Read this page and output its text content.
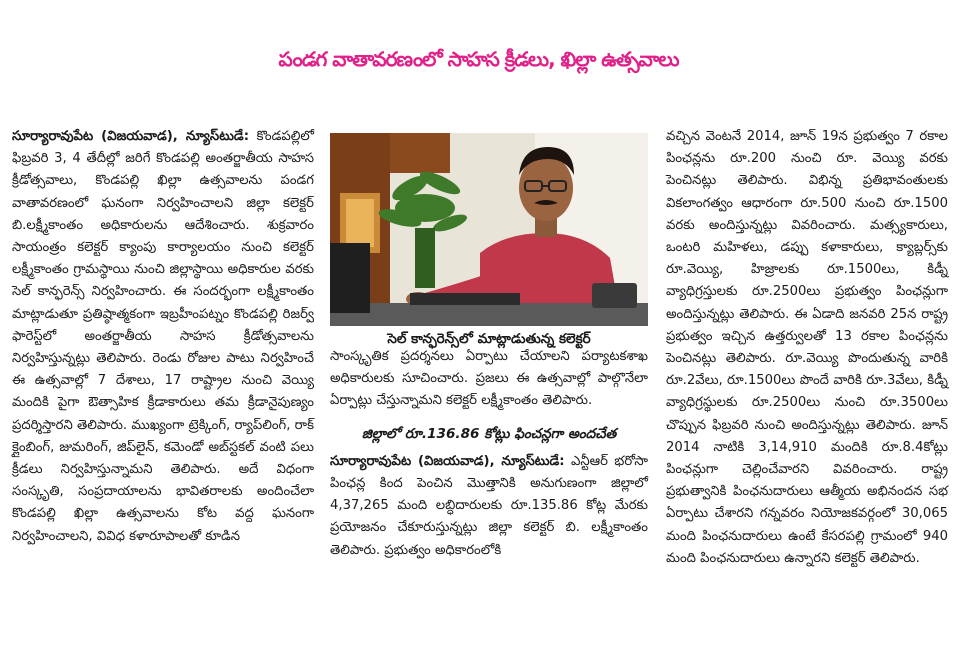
పండగ వాతావరణంలో సాహస క్రీడలు, ఖిల్లా ఉత్సవాలు

సూర్యారావుపేట (విజయవాడ), న్యూస్‌టుడే: కొండపల్లిలో ఫిబ్రవరి 3, 4 తేదీల్లో జరిగే కొండపల్లి అంతర్జాతీయ సాహస క్రీడోత్సవాలు, కొండపల్లి ఖిల్లా ఉత్సవాలను పండగ వాతావరణంలో ఘనంగా నిర్వహించాలని జిల్లా కలెక్టర్ బి.లక్ష్మీకాంతం అధికారులను ఆదేశించారు. శుక్రవారం సాయంత్రం కలెక్టర్ క్యాంపు కార్యాలయం నుంచి కలెక్టర్ లక్ష్మీకాంతం గ్రామస్థాయి నుంచి జిల్లాస్థాయి అధికారుల వరకు సెల్ కాన్ఫరెన్స్ నిర్వహించారు. ఈ సందర్భంగా లక్ష్మీకాంతం మాట్లాడుతూ ప్రతిష్ఠాత్మకంగా ఇబ్రహీంపట్నం కొండపల్లి రిజర్వ్ ఫారెస్ట్‌లో అంతర్జాతీయ సాహస క్రీడోత్సవాలను నిర్వహిస్తున్నట్లు తెలిపారు. రెండు రోజుల పాటు నిర్వహించే ఈ ఉత్సవాల్లో 7 దేశాలు, 17 రాష్ట్రాల నుంచి వెయ్యి మందికి పైగా ఔత్సాహిక క్రీడాకారులు తమ క్రీడానైపుణ్యం ప్రదర్శిస్తారని తెలిపారు. ముఖ్యంగా ట్రెక్కింగ్, ర్యాప్‌లింగ్, రాక్ క్లైంబింగ్, జుమరింగ్, జిప్‌లైన్, కమెండో అబ్‌స్టకల్ వంటి పలు క్రీడలు నిర్వహిస్తున్నామని తెలిపారు. అదే విధంగా సంస్కృతి, సంప్రదాయాలను భావితరాలకు అందించేలా కొండపల్లి ఖిల్లా ఉత్సవాలను కోట వద్ద ఘనంగా నిర్వహించాలని, వివిధ కళారూపాలతో కూడిన

సెల్ కాన్ఫరెన్స్‌లో మాట్లాడుతున్న కలెక్టర్

సాంస్కృతిక ప్రదర్శనలు ఏర్పాటు చేయాలని పర్యాటకశాఖ అధికారులకు సూచించారు. ప్రజలు ఈ ఉత్సవాల్లో పాల్గొనేలా ఏర్పాట్లు చేస్తున్నామని కలెక్టర్ లక్ష్మీకాంతం తెలిపారు.

జిల్లాలో రూ.136.86 కోట్లు ఫించన్లగా అందచేత

సూర్యారావుపేట (విజయవాడ), న్యూస్‌టుడే: ఎన్టీఆర్ భరోసా పింఛన్ల కింద పెంచిన మొత్తానికి అనుగుణంగా జిల్లాలో 4,37,265 మంది లబ్ధిదారులకు రూ.135.86 కోట్ల మేరకు ప్రయోజనం చేకూరుస్తున్నట్లు జిల్లా కలెక్టర్ బి. లక్ష్మీకాంతం తెలిపారు. ప్రభుత్వం అధికారంలోకి

వచ్చిన వెంటనే 2014, జూన్ 19న ప్రభుత్వం 7 రకాల పింఛన్లను రూ.200 నుంచి రూ. వెయ్యి వరకు పెంచినట్లు తెలిపారు. విభిన్న ప్రతిభావంతులకు వికలాంగత్వం ఆధారంగా రూ.500 నుంచి రూ.1500 వరకు అందిస్తున్నట్లు వివరించారు. మత్స్యకారులు, ఒంటరి మహిళలు, డప్పు కళాకారులు, క్యాబ్లర్స్‌కు రూ.వెయ్యి, హిజ్రాలకు రూ.1500లు, కిడ్నీ వ్యాధిగ్రస్తులకు రూ.2500లు ప్రభుత్వం పింఛన్లుగా అందిస్తున్నట్లు తెలిపారు. ఈ ఏడాది జనవరి 25న రాష్ట్ర ప్రభుత్వం ఇచ్చిన ఉత్తర్వులతో 13 రకాల పింఛన్లను పెంచినట్లు తెలిపారు. రూ.వెయ్యి పొందుతున్న వారికి రూ.2వేలు, రూ.1500లు పొందే వారికి రూ.3వేలు, కిడ్నీ వ్యాధిగ్రస్థులకు రూ.2500లు నుంచి రూ.3500లు చొప్పున ఫిబ్రవరి నుంచి అందిస్తున్నట్లు తెలిపారు. జూన్ 2014 నాటికి 3,14,910 మందికి రూ.8.4కోట్లు పింఛన్లుగా చెల్లించేవారని వివరించారు. రాష్ట్ర ప్రభుత్వానికి పింఛనుదారులు ఆత్మీయ అభినందన సభ ఏర్పాటు చేశారని గన్నవరం నియోజకవర్గంలో 30,065 మంది పింఛనుదారులు ఉంటే కేసరపల్లి గ్రామంలో 940 మంది పింఛనుదారులు ఉన్నారని కలెక్టర్ తెలిపారు.
